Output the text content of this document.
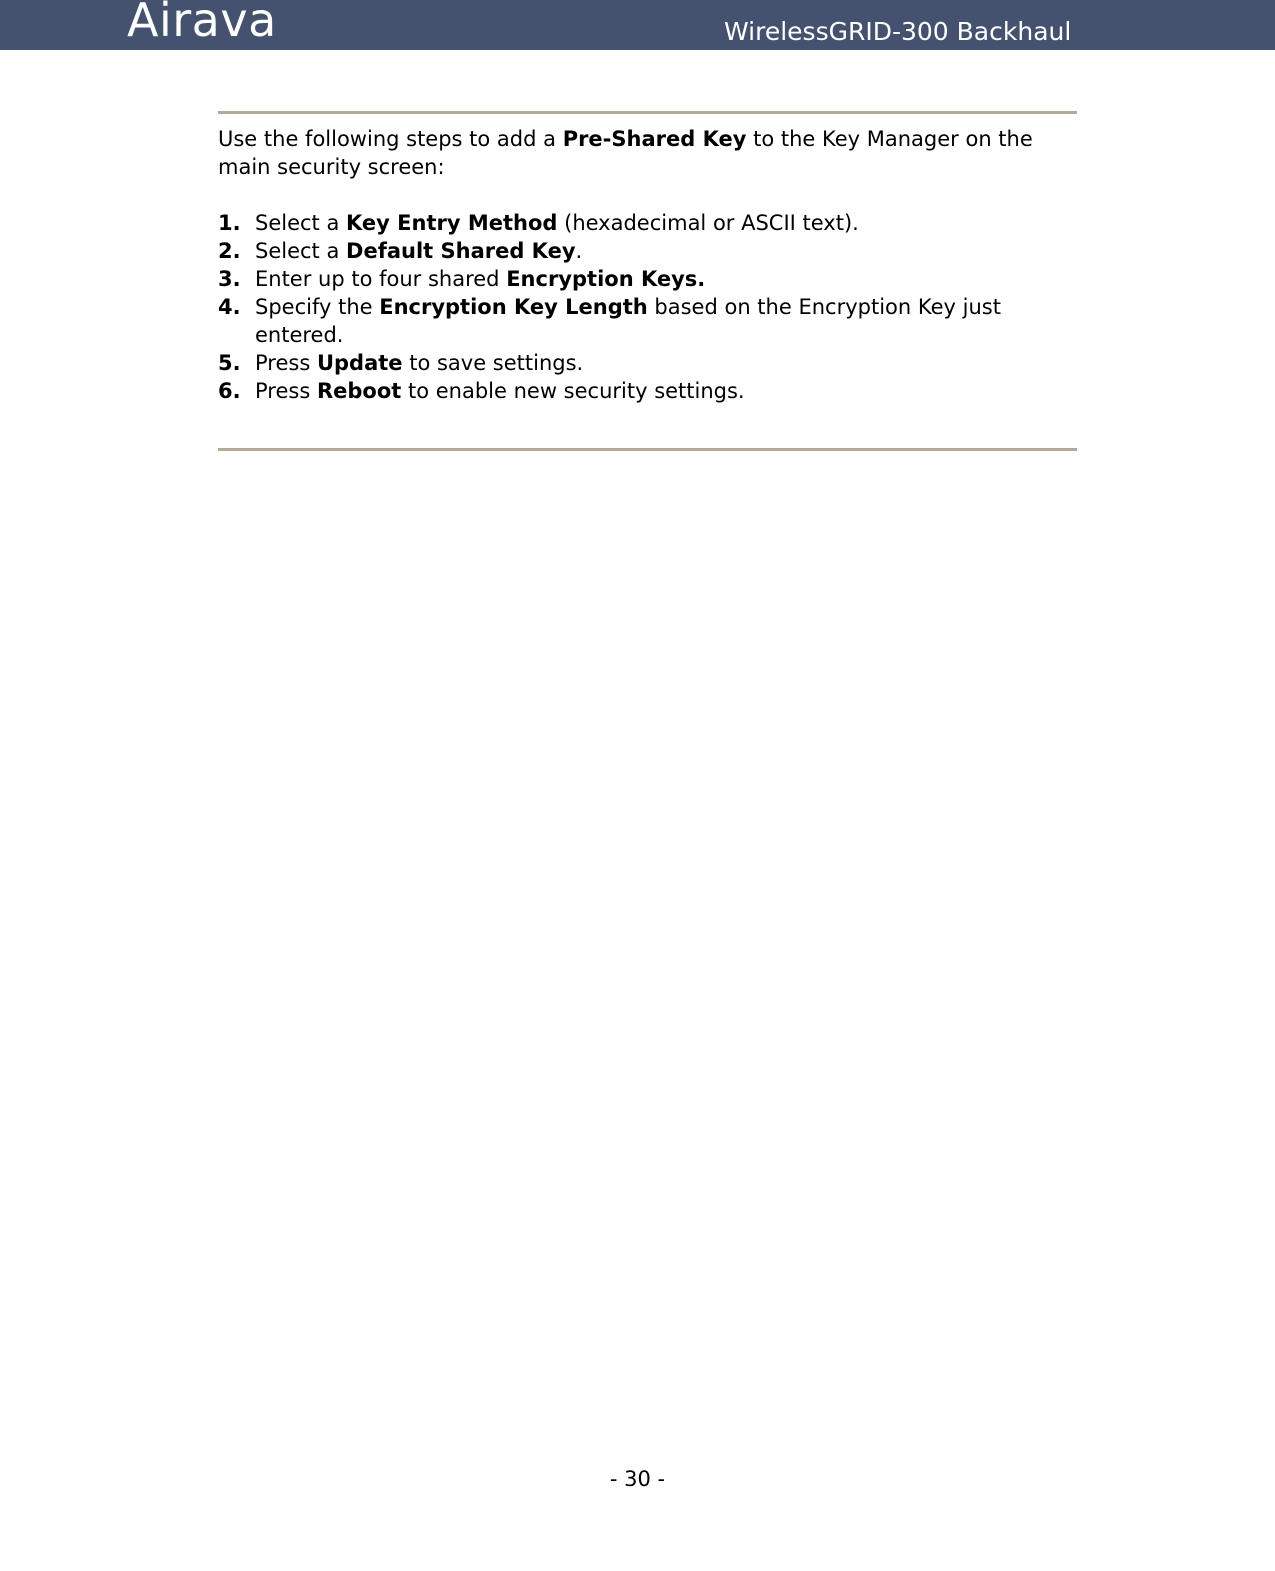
Airava	WirelessGRID-300 Backhaul

Use the following steps to add a Pre-Shared Key to the Key Manager on the main security screen:

1. Select a Key Entry Method (hexadecimal or ASCII text).
2. Select a Default Shared Key.
3. Enter up to four shared Encryption Keys.
4. Specify the Encryption Key Length based on the Encryption Key just entered.
5. Press Update to save settings.
6. Press Reboot to enable new security settings.
- 30 -
